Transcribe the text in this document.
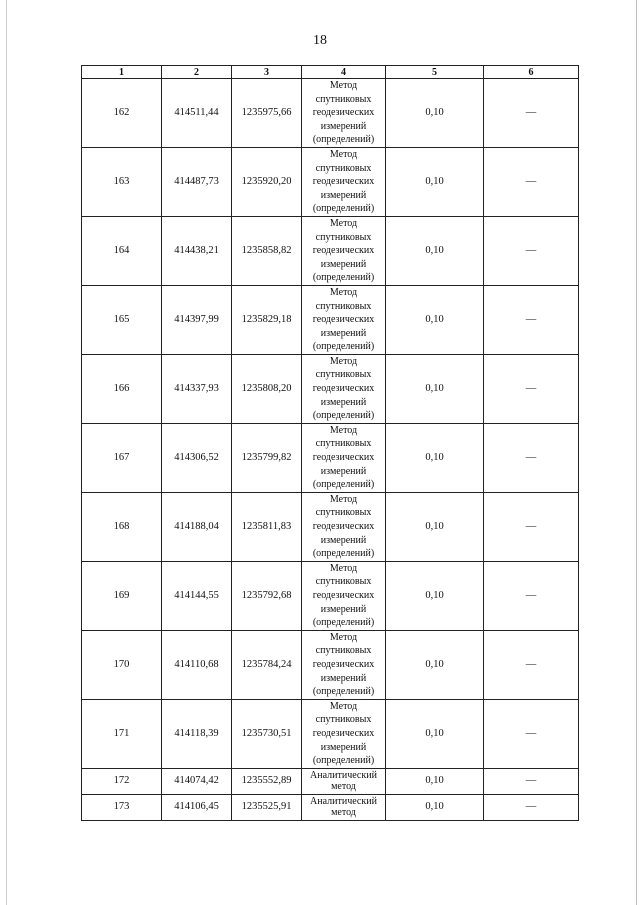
18
1	2	3	4	5	6
162	414511,44	1235975,66	Метод спутниковых геодезических измерений (определений)	0,10	—
163	414487,73	1235920,20	Метод спутниковых геодезических измерений (определений)	0,10	—
164	414438,21	1235858,82	Метод спутниковых геодезических измерений (определений)	0,10	—
165	414397,99	1235829,18	Метод спутниковых геодезических измерений (определений)	0,10	—
166	414337,93	1235808,20	Метод спутниковых геодезических измерений (определений)	0,10	—
167	414306,52	1235799,82	Метод спутниковых геодезических измерений (определений)	0,10	—
168	414188,04	1235811,83	Метод спутниковых геодезических измерений (определений)	0,10	—
169	414144,55	1235792,68	Метод спутниковых геодезических измерений (определений)	0,10	—
170	414110,68	1235784,24	Метод спутниковых геодезических измерений (определений)	0,10	—
171	414118,39	1235730,51	Метод спутниковых геодезических измерений (определений)	0,10	—
172	414074,42	1235552,89	Аналитический метод	0,10	—
173	414106,45	1235525,91	Аналитический метод	0,10	—
